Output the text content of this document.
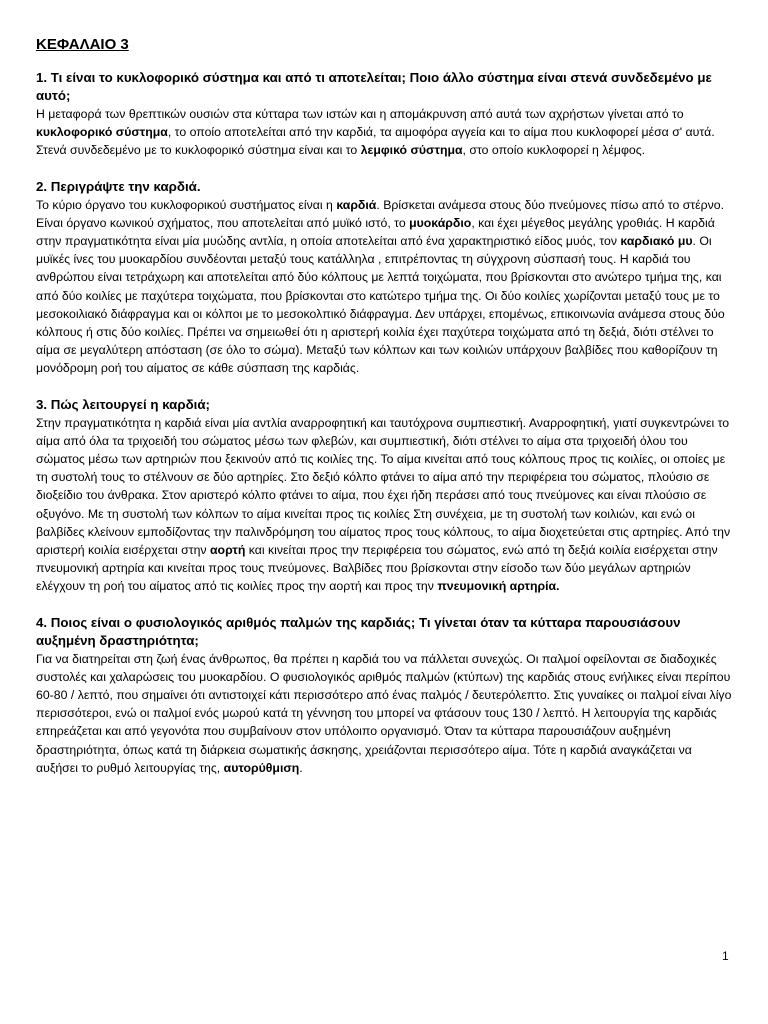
ΚΕΦΑΛΑΙΟ 3

1. Τι είναι το κυκλοφορικό σύστημα και από τι αποτελείται; Ποιο άλλο σύστημα είναι στενά συνδεδεμένο με αυτό;

Η μεταφορά των θρεπτικών ουσιών στα κύτταρα των ιστών και η απομάκρυνση από αυτά των αχρήστων γίνεται από το κυκλοφορικό σύστημα, το οποίο αποτελείται από την καρδιά, τα αιμοφόρα αγγεία και το αίμα που κυκλοφορεί μέσα σ' αυτά. Στενά συνδεδεμένο με το κυκλοφορικό σύστημα είναι και το λεμφικό σύστημα, στο οποίο κυκλοφορεί η λέμφος.

2. Περιγράψτε την καρδιά.

Το κύριο όργανο του κυκλοφορικού συστήματος είναι η καρδιά. Βρίσκεται ανάμεσα στους δύο πνεύμονες πίσω από το στέρνο. Είναι όργανο κωνικού σχήματος, που αποτελείται από μυϊκό ιστό, το μυοκάρδιο, και έχει μέγεθος μεγάλης γροθιάς. Η καρδιά στην πραγματικότητα είναι μία μυώδης αντλία, η οποία αποτελείται από ένα χαρακτηριστικό είδος μυός, τον καρδιακό μυ. Οι μυϊκές ίνες του μυοκαρδίου συνδέονται μεταξύ τους κατάλληλα , επιτρέποντας τη σύγχρονη σύσπασή τους. Η καρδιά του ανθρώπου είναι τετράχωρη και αποτελείται από δύο κόλπους με λεπτά τοιχώματα, που βρίσκονται στο ανώτερο τμήμα της, και από δύο κοιλίες με παχύτερα τοιχώματα, που βρίσκονται στο κατώτερο τμήμα της. Οι δύο κοιλίες χωρίζονται μεταξύ τους με το μεσοκοιλιακό διάφραγμα και οι κόλποι με το μεσοκολπικό διάφραγμα. Δεν υπάρχει, επομένως, επικοινωνία ανάμεσα στους δύο κόλπους ή στις δύο κοιλίες. Πρέπει να σημειωθεί ότι η αριστερή κοιλία έχει παχύτερα τοιχώματα από τη δεξιά, διότι στέλνει το αίμα σε μεγαλύτερη απόσταση (σε όλο το σώμα). Μεταξύ των κόλπων και των κοιλιών υπάρχουν βαλβίδες που καθορίζουν τη μονόδρομη ροή του αίματος σε κάθε σύσπαση της καρδιάς.

3. Πώς λειτουργεί η καρδιά;

Στην πραγματικότητα η καρδιά είναι μία αντλία αναρροφητική και ταυτόχρονα συμπιεστική. Αναρροφητική, γιατί συγκεντρώνει το αίμα από όλα τα τριχοειδή του σώματος μέσω των φλεβών, και συμπιεστική, διότι στέλνει το αίμα στα τριχοειδή όλου του σώματος μέσω των αρτηριών που ξεκινούν από τις κοιλίες της. Το αίμα κινείται από τους κόλπους προς τις κοιλίες, οι οποίες με τη συστολή τους το στέλνουν σε δύο αρτηρίες. Στο δεξιό κόλπο φτάνει το αίμα από την περιφέρεια του σώματος, πλούσιο σε διοξείδιο του άνθρακα. Στον αριστερό κόλπο φτάνει το αίμα, που έχει ήδη περάσει από τους πνεύμονες και είναι πλούσιο σε οξυγόνο. Με τη συστολή των κόλπων το αίμα κινείται προς τις κοιλίες Στη συνέχεια, με τη συστολή των κοιλιών, και ενώ οι βαλβίδες κλείνουν εμποδίζοντας την παλινδρόμηση του αίματος προς τους κόλπους, το αίμα διοχετεύεται στις αρτηρίες. Από την αριστερή κοιλία εισέρχεται στην αορτή και κινείται προς την περιφέρεια του σώματος, ενώ από τη δεξιά κοιλία εισέρχεται στην πνευμονική αρτηρία και κινείται προς τους πνεύμονες. Βαλβίδες που βρίσκονται στην είσοδο των δύο μεγάλων αρτηριών ελέγχουν τη ροή του αίματος από τις κοιλίες προς την αορτή και προς την πνευμονική αρτηρία.

4. Ποιος είναι ο φυσιολογικός αριθμός παλμών της καρδιάς; Τι γίνεται όταν τα κύτταρα παρουσιάσουν αυξημένη δραστηριότητα;

Για να διατηρείται στη ζωή ένας άνθρωπος, θα πρέπει η καρδιά του να πάλλεται συνεχώς. Οι παλμοί οφείλονται σε διαδοχικές συστολές και χαλαρώσεις του μυοκαρδίου. Ο φυσιολογικός αριθμός παλμών (κτύπων) της καρδιάς στους ενήλικες είναι περίπου 60-80 / λεπτό, που σημαίνει ότι αντιστοιχεί κάτι περισσότερο από ένας παλμός / δευτερόλεπτο. Στις γυναίκες οι παλμοί είναι λίγο περισσότεροι, ενώ οι παλμοί ενός μωρού κατά τη γέννηση του μπορεί να φτάσουν τους 130 / λεπτό. Η λειτουργία της καρδιάς επηρεάζεται και από γεγονότα που συμβαίνουν στον υπόλοιπο οργανισμό. Όταν τα κύτταρα παρουσιάζουν αυξημένη δραστηριότητα, όπως κατά τη διάρκεια σωματικής άσκησης, χρειάζονται περισσότερο αίμα. Τότε η καρδιά αναγκάζεται να αυξήσει το ρυθμό λειτουργίας της, αυτορύθμιση.

1
